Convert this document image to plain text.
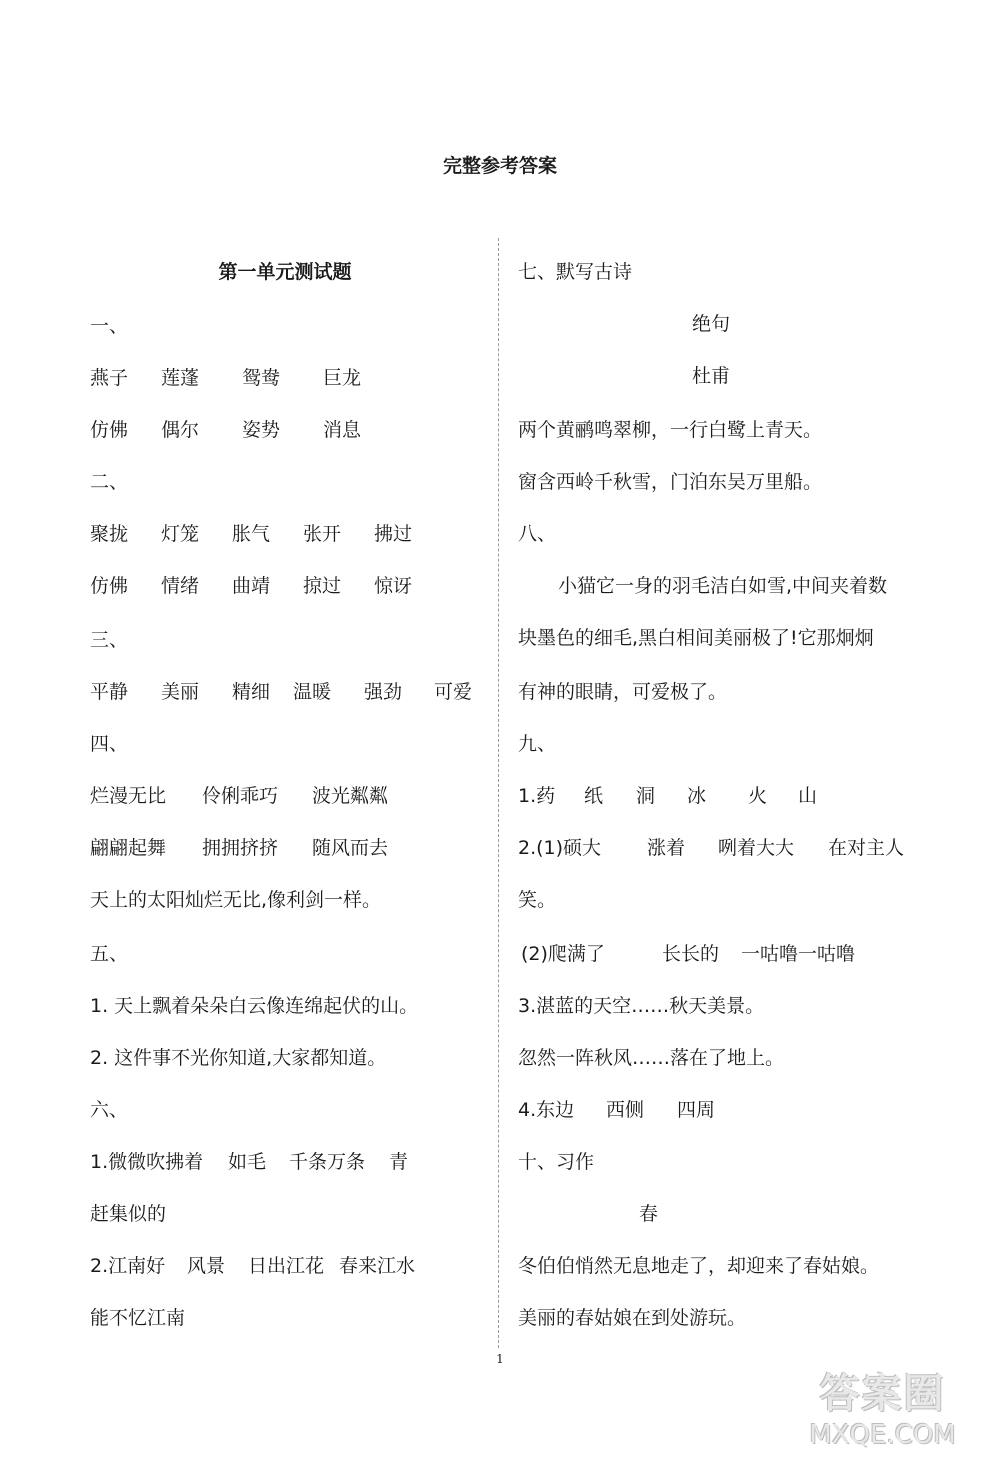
完整参考答案
第一单元测试题
一、
燕子 莲蓬 鸳鸯 巨龙
仿佛 偶尔 姿势 消息
二、
聚拢 灯笼 胀气 张开 拂过
仿佛 情绪 曲靖 掠过 惊讶
三、
平静 美丽 精细 温暖 强劲 可爱
四、
烂漫无比 伶俐乖巧 波光粼粼
翩翩起舞 拥拥挤挤 随风而去
天上的太阳灿烂无比,像利剑一样。
五、
1. 天上飘着朵朵白云像连绵起伏的山。
2. 这件事不光你知道,大家都知道。
六、
1.微微吹拂着 如毛 千条万条 青
赶集似的
2.江南好 风景 日出江花 春来江水
能不忆江南
七、默写古诗
绝句
杜甫
两个黄鹂鸣翠柳，一行白鹭上青天。
窗含西岭千秋雪，门泊东吴万里船。
八、
小猫它一身的羽毛洁白如雪,中间夹着数
块墨色的细毛,黑白相间美丽极了!它那炯炯
有神的眼睛，可爱极了。
九、
1.药 纸 洞 冰 火 山
2.(1)硕大 涨着 咧着大大 在对主人
笑。
(2)爬满了	长长的 一咕噜一咕噜
3.湛蓝的天空……秋天美景。
忽然一阵秋风……落在了地上。
4.东边 西侧 四周
十、习作
春
冬伯伯悄然无息地走了，却迎来了春姑娘。
美丽的春姑娘在到处游玩。
1
答案圈
MXQE.COM
